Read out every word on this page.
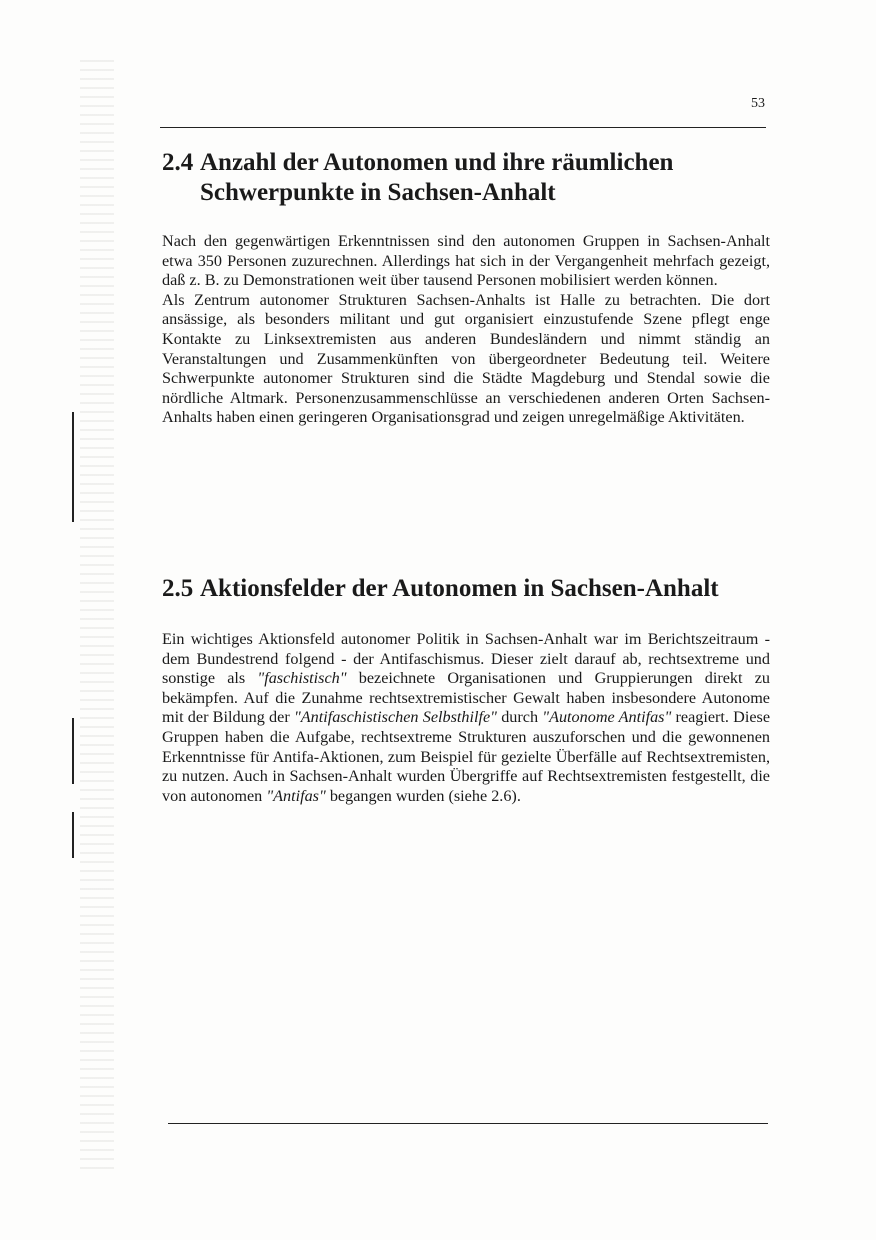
53
2.4 Anzahl der Autonomen und ihre räumlichen
Schwerpunkte in Sachsen-Anhalt

Nach den gegenwärtigen Erkenntnissen sind den autonomen Gruppen in Sachsen-Anhalt etwa 350 Personen zuzurechnen. Allerdings hat sich in der Vergangenheit mehrfach gezeigt, daß z. B. zu Demonstrationen weit über tausend Personen mobilisiert werden können.

Als Zentrum autonomer Strukturen Sachsen-Anhalts ist Halle zu betrachten. Die dort ansässige, als besonders militant und gut organisiert einzustufende Szene pflegt enge Kontakte zu Linksextremisten aus anderen Bundesländern und nimmt ständig an Veranstaltungen und Zusammenkünften von übergeordneter Bedeutung teil. Weitere Schwerpunkte autonomer Strukturen sind die Städte Magdeburg und Stendal sowie die nördliche Altmark. Personenzusammenschlüsse an verschiedenen anderen Orten Sachsen-Anhalts haben einen geringeren Organisationsgrad und zeigen unregelmäßige Aktivitäten.

2.5 Aktionsfelder der Autonomen in Sachsen-Anhalt

Ein wichtiges Aktionsfeld autonomer Politik in Sachsen-Anhalt war im Berichtszeitraum - dem Bundestrend folgend - der Antifaschismus. Dieser zielt darauf ab, rechtsextreme und sonstige als "faschistisch" bezeichnete Organisationen und Gruppierungen direkt zu bekämpfen. Auf die Zunahme rechtsextremistischer Gewalt haben insbesondere Autonome mit der Bildung der "Antifaschistischen Selbsthilfe" durch "Autonome Antifas" reagiert. Diese Gruppen haben die Aufgabe, rechtsextreme Strukturen auszuforschen und die gewonnenen Erkenntnisse für Antifa-Aktionen, zum Beispiel für gezielte Überfälle auf Rechtsextremisten, zu nutzen. Auch in Sachsen-Anhalt wurden Übergriffe auf Rechtsextremisten festgestellt, die von autonomen "Antifas" begangen wurden (siehe 2.6).
